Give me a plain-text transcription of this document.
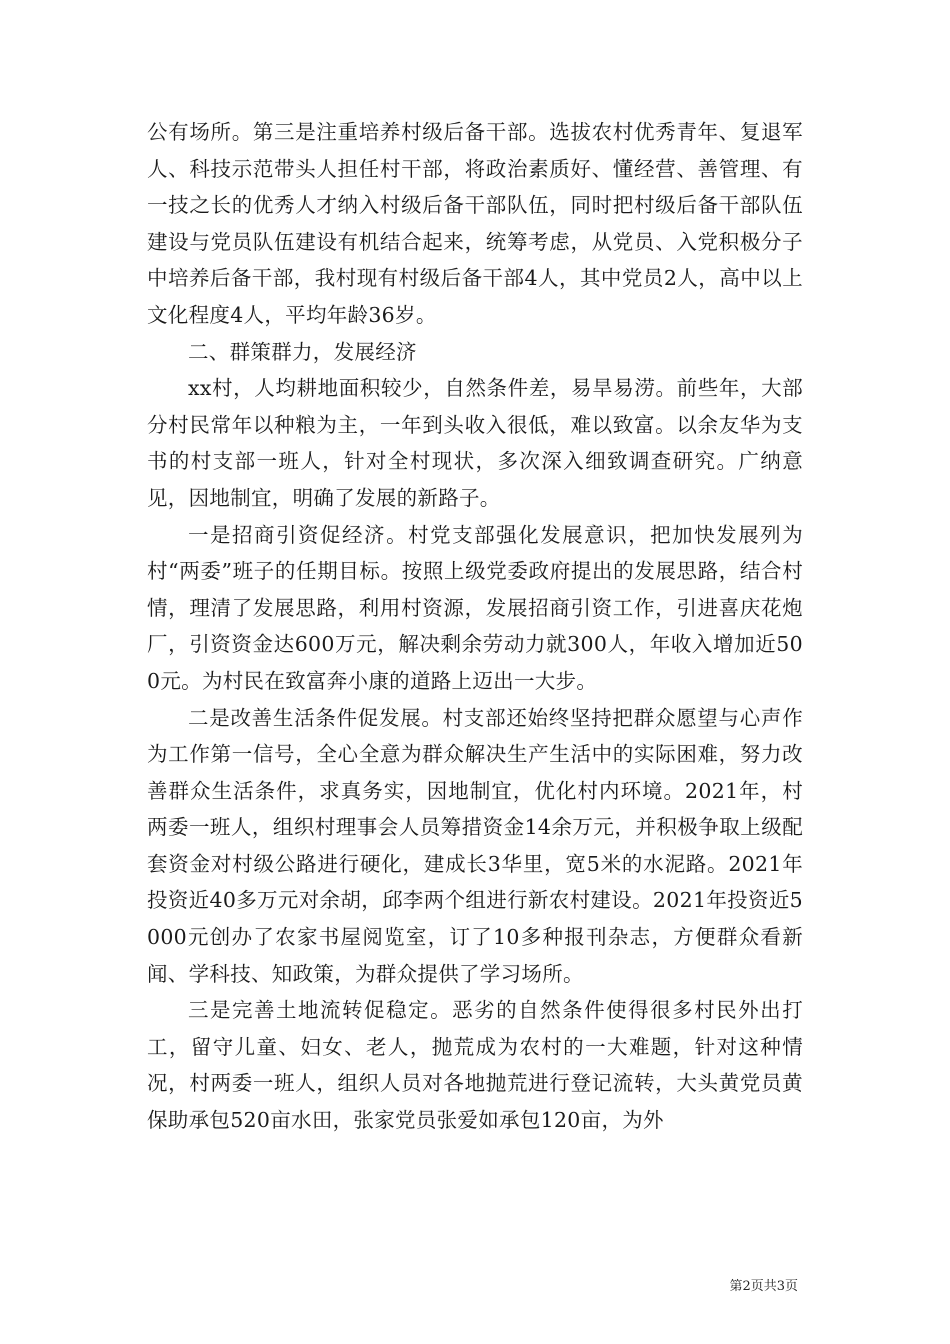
公有场所。第三是注重培养村级后备干部。选拔农村优秀青年、复退军人、科技示范带头人担任村干部，将政治素质好、懂经营、善管理、有一技之长的优秀人才纳入村级后备干部队伍，同时把村级后备干部队伍建设与党员队伍建设有机结合起来，统筹考虑，从党员、入党积极分子中培养后备干部，我村现有村级后备干部4人，其中党员2人，高中以上文化程度4人，平均年龄36岁。

二、群策群力，发展经济

xx村，人均耕地面积较少，自然条件差，易旱易涝。前些年，大部分村民常年以种粮为主，一年到头收入很低，难以致富。以余友华为支书的村支部一班人，针对全村现状，多次深入细致调查研究。广纳意见，因地制宜，明确了发展的新路子。

一是招商引资促经济。村党支部强化发展意识，把加快发展列为村“两委”班子的任期目标。按照上级党委政府提出的发展思路，结合村情，理清了发展思路，利用村资源，发展招商引资工作，引进喜庆花炮厂，引资资金达600万元，解决剩余劳动力就300人，年收入增加近500元。为村民在致富奔小康的道路上迈出一大步。

二是改善生活条件促发展。村支部还始终坚持把群众愿望与心声作为工作第一信号，全心全意为群众解决生产生活中的实际困难，努力改善群众生活条件，求真务实，因地制宜，优化村内环境。2021年，村两委一班人，组织村理事会人员筹措资金14余万元，并积极争取上级配套资金对村级公路进行硬化，建成长3华里，宽5米的水泥路。2021年投资近40多万元对余胡，邱李两个组进行新农村建设。2021年投资近5000元创办了农家书屋阅览室，订了10多种报刊杂志，方便群众看新闻、学科技、知政策，为群众提供了学习场所。

三是完善土地流转促稳定。恶劣的自然条件使得很多村民外出打工，留守儿童、妇女、老人，抛荒成为农村的一大难题，针对这种情况，村两委一班人，组织人员对各地抛荒进行登记流转，大头黄党员黄保助承包520亩水田，张家党员张爱如承包120亩，为外

第2页共3页
